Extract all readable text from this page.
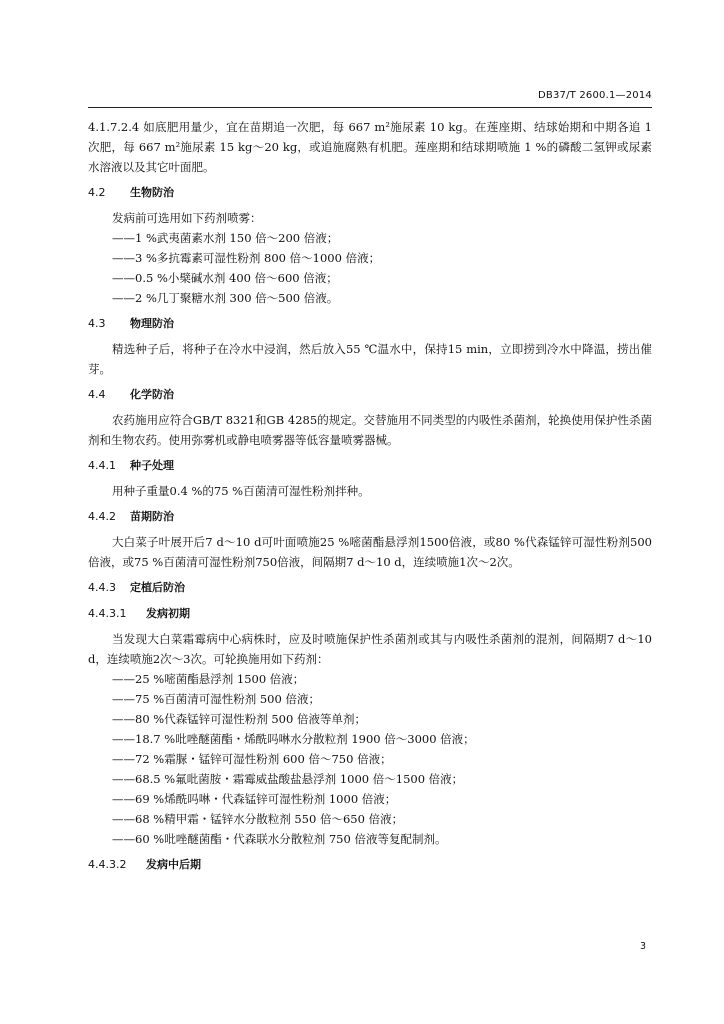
DB37/T 2600.1—2014

4.1.7.2.4 如底肥用量少，宜在苗期追一次肥，每 667 m²施尿素 10 kg。在莲座期、结球始期和中期各追 1 次肥，每 667 m²施尿素 15 kg～20 kg，或追施腐熟有机肥。莲座期和结球期喷施 1 %的磷酸二氢钾或尿素水溶液以及其它叶面肥。

4.2 生物防治

发病前可选用如下药剂喷雾：

——1 %武夷菌素水剂 150 倍～200 倍液；

——3 %多抗霉素可湿性粉剂 800 倍～1000 倍液；

——0.5 %小檗碱水剂 400 倍～600 倍液；

——2 %几丁聚糖水剂 300 倍～500 倍液。

4.3 物理防治

精选种子后，将种子在冷水中浸润，然后放入55 ℃温水中，保持15 min，立即捞到冷水中降温，捞出催芽。

4.4 化学防治

农药施用应符合GB/T 8321和GB 4285的规定。交替施用不同类型的内吸性杀菌剂，轮换使用保护性杀菌剂和生物农药。使用弥雾机或静电喷雾器等低容量喷雾器械。

4.4.1 种子处理

用种子重量0.4 %的75 %百菌清可湿性粉剂拌种。

4.4.2 苗期防治

大白菜子叶展开后7 d～10 d可叶面喷施25 %嘧菌酯悬浮剂1500倍液，或80 %代森锰锌可湿性粉剂500倍液，或75 %百菌清可湿性粉剂750倍液，间隔期7 d～10 d，连续喷施1次～2次。

4.4.3 定植后防治
4.4.3.1 发病初期

当发现大白菜霜霉病中心病株时，应及时喷施保护性杀菌剂或其与内吸性杀菌剂的混剂，间隔期7 d～10 d，连续喷施2次～3次。可轮换施用如下药剂：

——25 %嘧菌酯悬浮剂 1500 倍液；

——75 %百菌清可湿性粉剂 500 倍液；

——80 %代森锰锌可湿性粉剂 500 倍液等单剂；

——18.7 %吡唑醚菌酯・烯酰吗啉水分散粒剂 1900 倍～3000 倍液；

——72 %霜脲・锰锌可湿性粉剂 600 倍～750 倍液；

——68.5 %氟吡菌胺・霜霉威盐酸盐悬浮剂 1000 倍～1500 倍液；

——69 %烯酰吗啉・代森锰锌可湿性粉剂 1000 倍液；

——68 %精甲霜・锰锌水分散粒剂 550 倍～650 倍液；

——60 %吡唑醚菌酯・代森联水分散粒剂 750 倍液等复配制剂。

4.4.3.2 发病中后期
3
